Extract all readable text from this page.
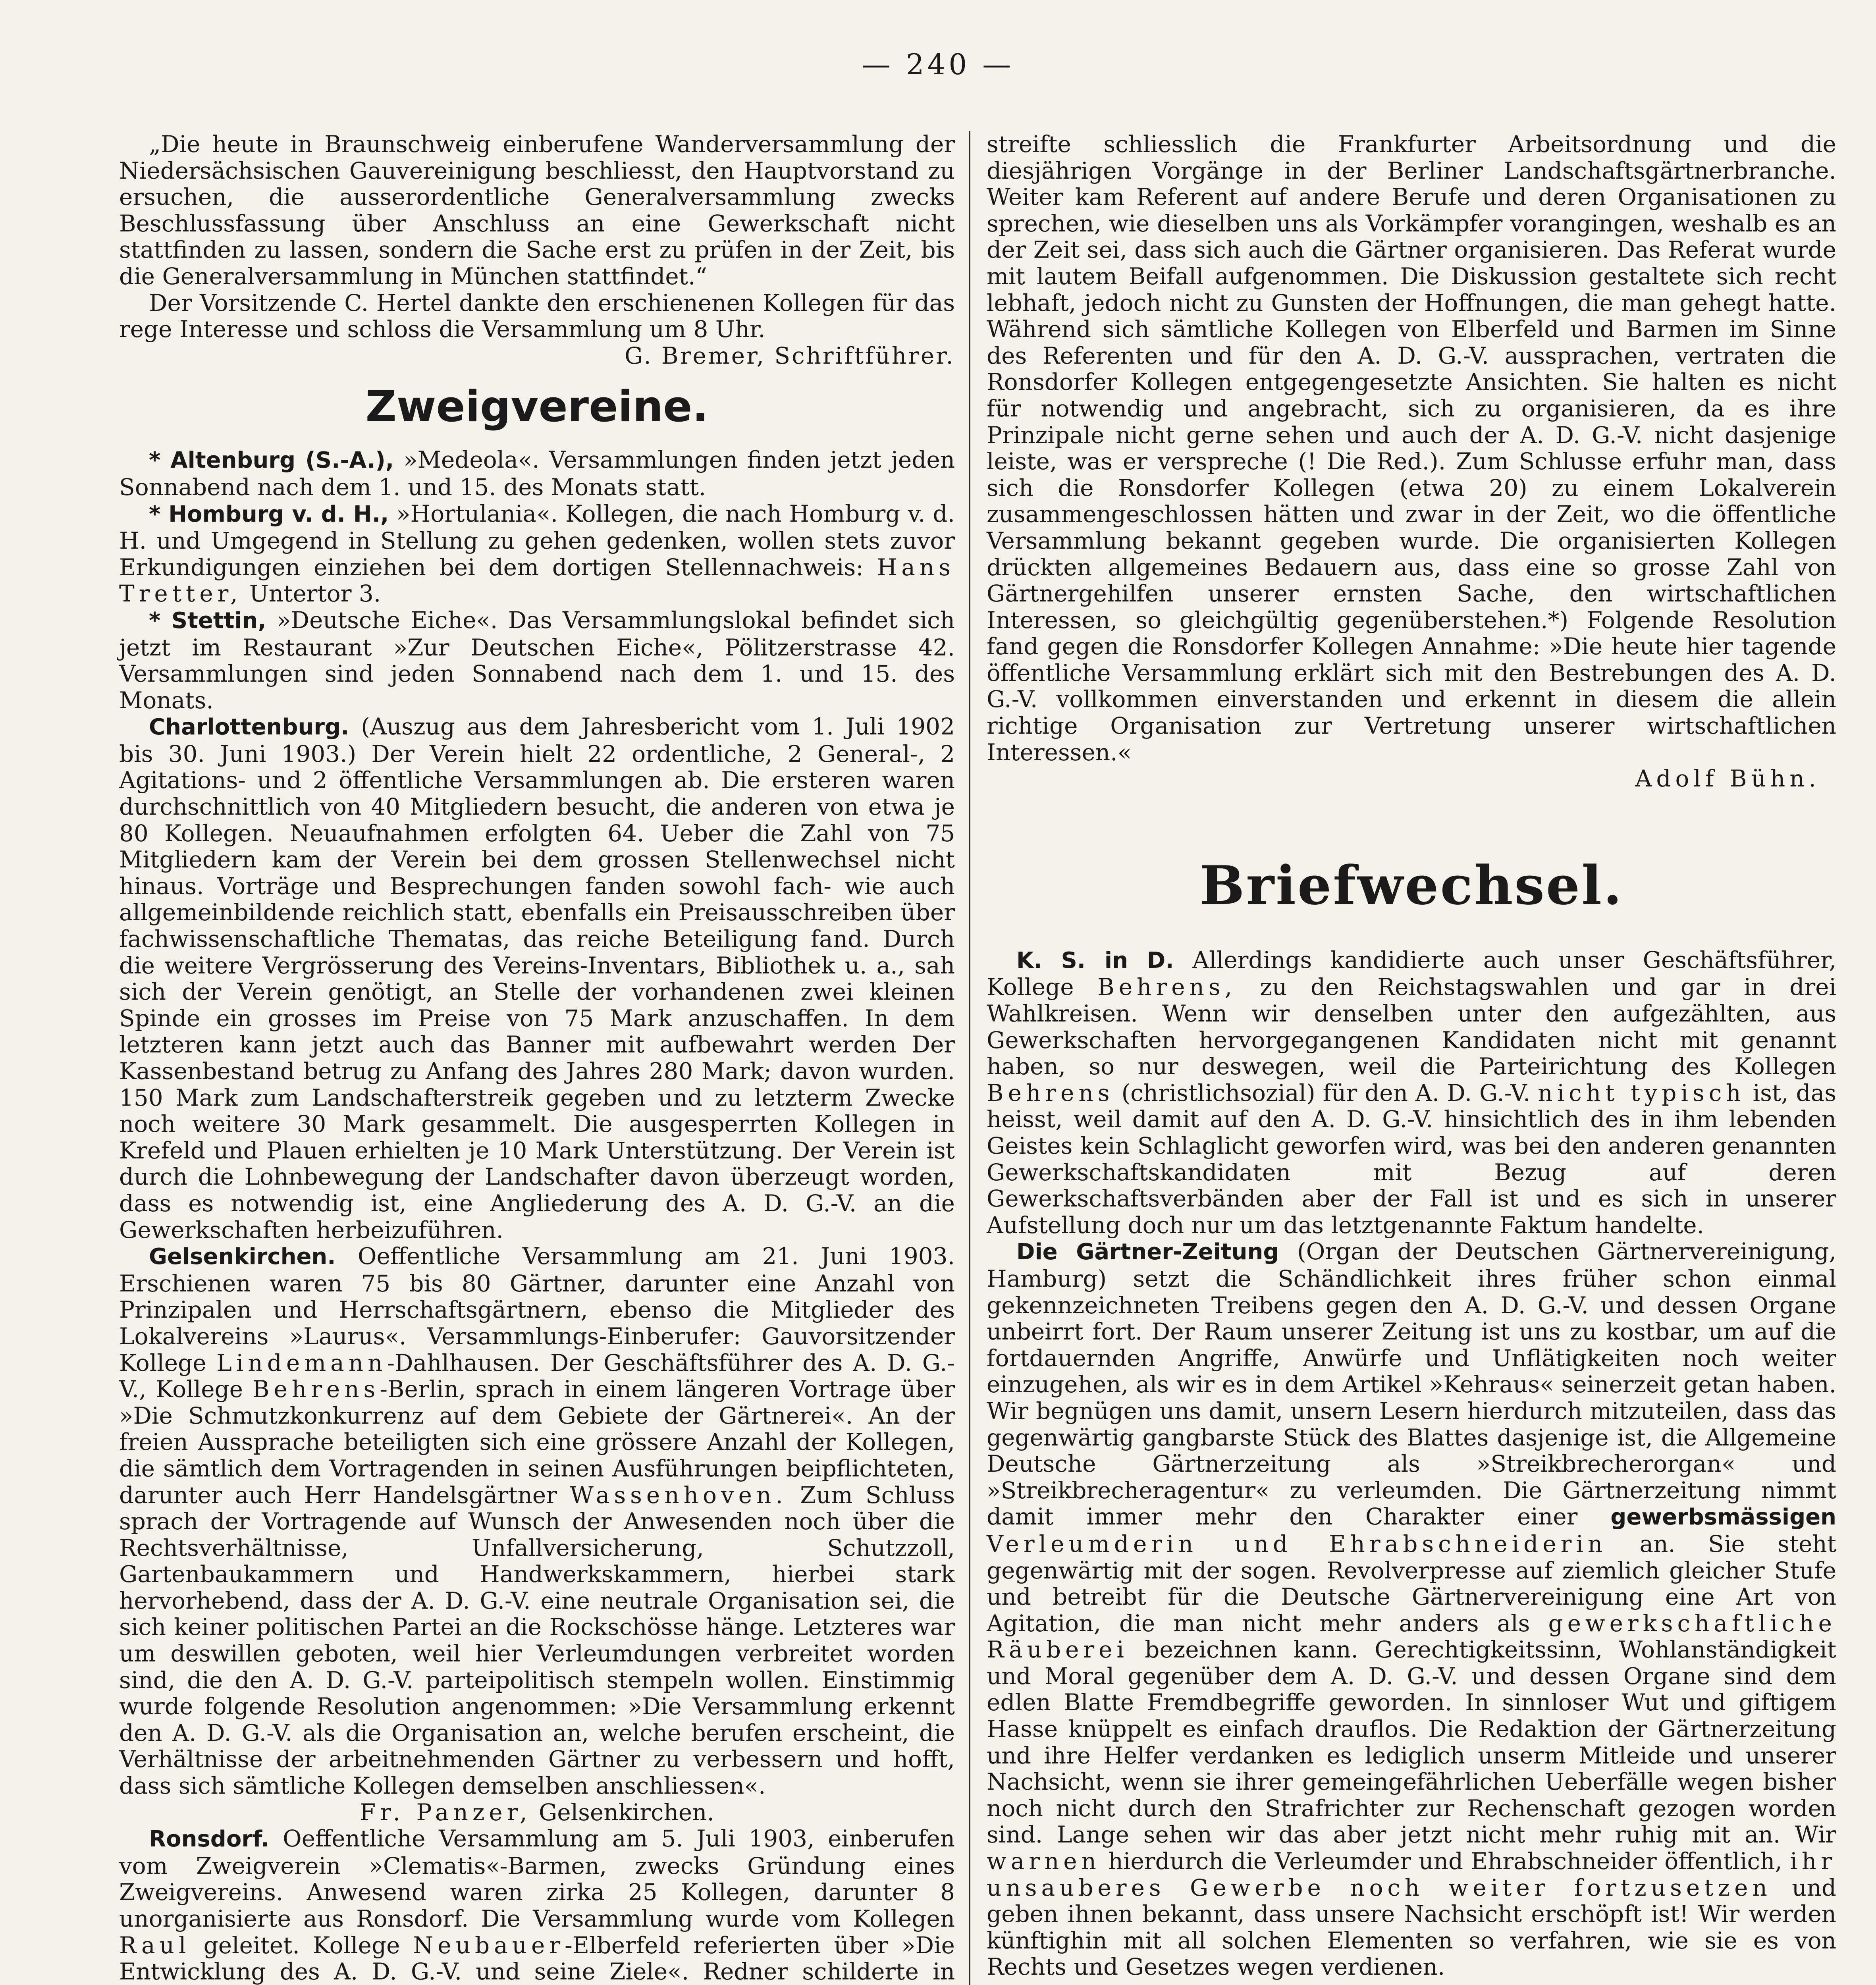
— 240 —

„Die heute in Braunschweig einberufene Wanderversammlung der Niedersächsischen Gauvereinigung beschliesst, den Hauptvorstand zu ersuchen, die ausserordentliche Generalversammlung zwecks Beschlussfassung über Anschluss an eine Gewerkschaft nicht stattfinden zu lassen, sondern die Sache erst zu prüfen in der Zeit, bis die Generalversammlung in München stattfindet.“

Der Vorsitzende C. Hertel dankte den erschienenen Kollegen für das rege Interesse und schloss die Versammlung um 8 Uhr.
G. Bremer, Schriftführer.

Zweigvereine.

* Altenburg (S.-A.), »Medeola«. Versammlungen finden jetzt jeden Sonnabend nach dem 1. und 15. des Monats statt.

* Homburg v. d. H., »Hortulania«. Kollegen, die nach Homburg v. d. H. und Umgegend in Stellung zu gehen gedenken, wollen stets zuvor Erkundigungen einziehen bei dem dortigen Stellennachweis: Hans Tretter, Untertor 3.

* Stettin, »Deutsche Eiche«. Das Versammlungslokal befindet sich jetzt im Restaurant »Zur Deutschen Eiche«, Pölitzerstrasse 42. Versammlungen sind jeden Sonnabend nach dem 1. und 15. des Monats.

Charlottenburg. (Auszug aus dem Jahresbericht vom 1. Juli 1902 bis 30. Juni 1903.) Der Verein hielt 22 ordentliche, 2 General-, 2 Agitations- und 2 öffentliche Versammlungen ab. Die ersteren waren durchschnittlich von 40 Mitgliedern besucht, die anderen von etwa je 80 Kollegen. Neuaufnahmen erfolgten 64. Ueber die Zahl von 75 Mitgliedern kam der Verein bei dem grossen Stellenwechsel nicht hinaus. Vorträge und Besprechungen fanden sowohl fach- wie auch allgemeinbildende reichlich statt, ebenfalls ein Preisausschreiben über fachwissenschaftliche Thematas, das reiche Beteiligung fand. Durch die weitere Vergrösserung des Vereins-Inventars, Bibliothek u. a., sah sich der Verein genötigt, an Stelle der vorhandenen zwei kleinen Spinde ein grosses im Preise von 75 Mark anzuschaffen. In dem letzteren kann jetzt auch das Banner mit aufbewahrt werden Der Kassenbestand betrug zu Anfang des Jahres 280 Mark; davon wurden. 150 Mark zum Landschafterstreik gegeben und zu letzterm Zwecke noch weitere 30 Mark gesammelt. Die ausgesperrten Kollegen in Krefeld und Plauen erhielten je 10 Mark Unterstützung. Der Verein ist durch die Lohnbewegung der Landschafter davon überzeugt worden, dass es notwendig ist, eine Angliederung des A. D. G.-V. an die Gewerkschaften herbeizuführen.

Gelsenkirchen. Oeffentliche Versammlung am 21. Juni 1903. Erschienen waren 75 bis 80 Gärtner, darunter eine Anzahl von Prinzipalen und Herrschaftsgärtnern, ebenso die Mitglieder des Lokalvereins »Laurus«. Versammlungs-Einberufer: Gauvorsitzender Kollege Lindemann-Dahlhausen. Der Geschäftsführer des A. D. G.-V., Kollege Behrens-Berlin, sprach in einem längeren Vortrage über »Die Schmutzkonkurrenz auf dem Gebiete der Gärtnerei«. An der freien Aussprache beteiligten sich eine grössere Anzahl der Kollegen, die sämtlich dem Vortragenden in seinen Ausführungen beipflichteten, darunter auch Herr Handelsgärtner Wassenhoven. Zum Schluss sprach der Vortragende auf Wunsch der Anwesenden noch über die Rechtsverhältnisse, Unfallversicherung, Schutzzoll, Gartenbaukammern und Handwerkskammern, hierbei stark hervorhebend, dass der A. D. G.-V. eine neutrale Organisation sei, die sich keiner politischen Partei an die Rockschösse hänge. Letzteres war um deswillen geboten, weil hier Verleumdungen verbreitet worden sind, die den A. D. G.-V. parteipolitisch stempeln wollen. Einstimmig wurde folgende Resolution angenommen: »Die Versammlung erkennt den A. D. G.-V. als die Organisation an, welche berufen erscheint, die Verhältnisse der arbeitnehmenden Gärtner zu verbessern und hofft, dass sich sämtliche Kollegen demselben anschliessen«.

Fr. Panzer, Gelsenkirchen.

Ronsdorf. Oeffentliche Versammlung am 5. Juli 1903, einberufen vom Zweigverein »Clematis«-Barmen, zwecks Gründung eines Zweigvereins. Anwesend waren zirka 25 Kollegen, darunter 8 unorganisierte aus Ronsdorf. Die Versammlung wurde vom Kollegen Raul geleitet. Kollege Neubauer-Elberfeld referierten über »Die Entwicklung des A. D. G.-V. und seine Ziele«. Redner schilderte in

streifte schliesslich die Frankfurter Arbeitsordnung und die diesjährigen Vorgänge in der Berliner Landschaftsgärtnerbranche. Weiter kam Referent auf andere Berufe und deren Organisationen zu sprechen, wie dieselben uns als Vorkämpfer vorangingen, weshalb es an der Zeit sei, dass sich auch die Gärtner organisieren. Das Referat wurde mit lautem Beifall aufgenommen. Die Diskussion gestaltete sich recht lebhaft, jedoch nicht zu Gunsten der Hoffnungen, die man gehegt hatte. Während sich sämtliche Kollegen von Elberfeld und Barmen im Sinne des Referenten und für den A. D. G.-V. aussprachen, vertraten die Ronsdorfer Kollegen entgegengesetzte Ansichten. Sie halten es nicht für notwendig und angebracht, sich zu organisieren, da es ihre Prinzipale nicht gerne sehen und auch der A. D. G.-V. nicht dasjenige leiste, was er verspreche (! Die Red.). Zum Schlusse erfuhr man, dass sich die Ronsdorfer Kollegen (etwa 20) zu einem Lokalverein zusammengeschlossen hätten und zwar in der Zeit, wo die öffentliche Versammlung bekannt gegeben wurde. Die organisierten Kollegen drückten allgemeines Bedauern aus, dass eine so grosse Zahl von Gärtnergehilfen unserer ernsten Sache, den wirtschaftlichen Interessen, so gleichgültig gegenüberstehen.*) Folgende Resolution fand gegen die Ronsdorfer Kollegen Annahme: »Die heute hier tagende öffentliche Versammlung erklärt sich mit den Bestrebungen des A. D. G.-V. vollkommen einverstanden und erkennt in diesem die allein richtige Organisation zur Vertretung unserer wirtschaftlichen Interessen.«

Adolf Bühn.

Briefwechsel.

K. S. in D. Allerdings kandidierte auch unser Geschäftsführer, Kollege Behrens, zu den Reichstagswahlen und gar in drei Wahlkreisen. Wenn wir denselben unter den aufgezählten, aus Gewerkschaften hervorgegangenen Kandidaten nicht mit genannt haben, so nur deswegen, weil die Parteirichtung des Kollegen Behrens (christlichsozial) für den A. D. G.-V. nicht typisch ist, das heisst, weil damit auf den A. D. G.-V. hinsichtlich des in ihm lebenden Geistes kein Schlaglicht geworfen wird, was bei den anderen genannten Gewerkschaftskandidaten mit Bezug auf deren Gewerkschaftsverbänden aber der Fall ist und es sich in unserer Aufstellung doch nur um das letztgenannte Faktum handelte.

Die Gärtner-Zeitung (Organ der Deutschen Gärtnervereinigung, Hamburg) setzt die Schändlichkeit ihres früher schon einmal gekennzeichneten Treibens gegen den A. D. G.-V. und dessen Organe unbeirrt fort. Der Raum unserer Zeitung ist uns zu kostbar, um auf die fortdauernden Angriffe, Anwürfe und Unflätigkeiten noch weiter einzugehen, als wir es in dem Artikel »Kehraus« seinerzeit getan haben. Wir begnügen uns damit, unsern Lesern hierdurch mitzuteilen, dass das gegenwärtig gangbarste Stück des Blattes dasjenige ist, die Allgemeine Deutsche Gärtnerzeitung als »Streikbrecherorgan« und »Streikbrecheragentur« zu verleumden. Die Gärtnerzeitung nimmt damit immer mehr den Charakter einer gewerbsmässigen Verleumderin und Ehrabschneiderin an. Sie steht gegenwärtig mit der sogen. Revolverpresse auf ziemlich gleicher Stufe und betreibt für die Deutsche Gärtnervereinigung eine Art von Agitation, die man nicht mehr anders als gewerkschaftliche Räuberei bezeichnen kann. Gerechtigkeitssinn, Wohlanständigkeit und Moral gegenüber dem A. D. G.-V. und dessen Organe sind dem edlen Blatte Fremdbegriffe geworden. In sinnloser Wut und giftigem Hasse knüppelt es einfach drauflos. Die Redaktion der Gärtnerzeitung und ihre Helfer verdanken es lediglich unserm Mitleide und unserer Nachsicht, wenn sie ihrer gemeingefährlichen Ueberfälle wegen bisher noch nicht durch den Strafrichter zur Rechenschaft gezogen worden sind. Lange sehen wir das aber jetzt nicht mehr ruhig mit an. Wir warnen hierdurch die Verleumder und Ehrabschneider öffentlich, ihr unsauberes Gewerbe noch weiter fortzusetzen und geben ihnen bekannt, dass unsere Nachsicht erschöpft ist! Wir werden künftighin mit all solchen Elementen so verfahren, wie sie es von Rechts und Gesetzes wegen verdienen.
